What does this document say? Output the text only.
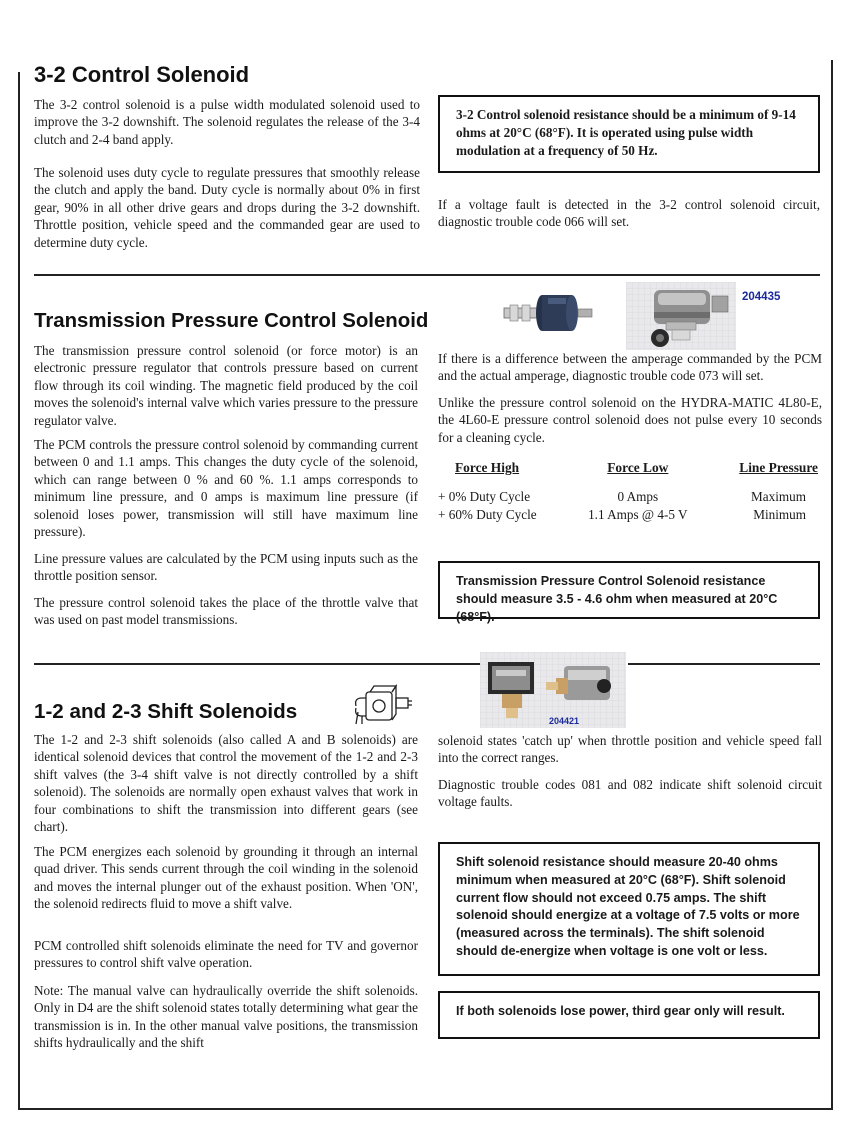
3-2 Control Solenoid

The 3-2 control solenoid is a pulse width modulated solenoid used to improve the 3-2 downshift. The solenoid regulates the release of the 3-4 clutch and 2-4 band apply.

The solenoid uses duty cycle to regulate pressures that smoothly release the clutch and apply the band. Duty cycle is normally about 0% in first gear, 90% in all other drive gears and drops during the 3-2 downshift. Throttle position, vehicle speed and the commanded gear are used to determine duty cycle.

3-2 Control solenoid resistance should be a minimum of 9-14 ohms at 20°C (68°F). It is operated using pulse width modulation at a frequency of 50 Hz.

If a voltage fault is detected in the 3-2 control solenoid circuit, diagnostic trouble code 066 will set.

204435
Transmission Pressure Control Solenoid

The transmission pressure control solenoid (or force motor) is an electronic pressure regulator that controls pressure based on current flow through its coil winding. The magnetic field produced by the coil moves the solenoid's internal valve which varies pressure to the pressure regulator valve.

The PCM controls the pressure control solenoid by commanding current between 0 and 1.1 amps. This changes the duty cycle of the solenoid, which can range between 0 % and 60 %. 1.1 amps corresponds to minimum line pressure, and 0 amps is maximum line pressure (if solenoid loses power, transmission will still have maximum line pressure).

Line pressure values are calculated by the PCM using inputs such as the throttle position sensor.

The pressure control solenoid takes the place of the throttle valve that was used on past model transmissions.

If there is a difference between the amperage commanded by the PCM and the actual amperage, diagnostic trouble code 073 will set.

Unlike the pressure control solenoid on the HYDRA-MATIC 4L80-E, the 4L60-E pressure control solenoid does not pulse every 10 seconds for a cleaning cycle.

Force High	Force Low	Line Pressure
+ 0% Duty Cycle	0 Amps	Maximum
+ 60% Duty Cycle	1.1 Amps @ 4-5 V	Minimum
Transmission Pressure Control Solenoid resistance should measure 3.5 - 4.6 ohm when measured at 20°C (68°F).
204421
1-2 and 2-3 Shift Solenoids

The 1-2 and 2-3 shift solenoids (also called A and B solenoids) are identical solenoid devices that control the movement of the 1-2 and 2-3 shift valves (the 3-4 shift valve is not directly controlled by a shift solenoid). The solenoids are normally open exhaust valves that work in four combinations to shift the transmission into different gears (see chart).

The PCM energizes each solenoid by grounding it through an internal quad driver. This sends current through the coil winding in the solenoid and moves the internal plunger out of the exhaust position. When 'ON', the solenoid redirects fluid to move a shift valve.

PCM controlled shift solenoids eliminate the need for TV and governor pressures to control shift valve operation.

Note: The manual valve can hydraulically override the shift solenoids. Only in D4 are the shift solenoid states totally determining what gear the transmission is in. In the other manual valve positions, the transmission shifts hydraulically and the shift

solenoid states 'catch up' when throttle position and vehicle speed fall into the correct ranges.

Diagnostic trouble codes 081 and 082 indicate shift solenoid circuit voltage faults.

Shift solenoid resistance should measure 20-40 ohms minimum when measured at 20°C (68°F). Shift solenoid current flow should not exceed 0.75 amps. The shift solenoid should energize at a voltage of 7.5 volts or more (measured across the terminals). The shift solenoid should de-energize when voltage is one volt or less.
If both solenoids lose power, third gear only will result.
